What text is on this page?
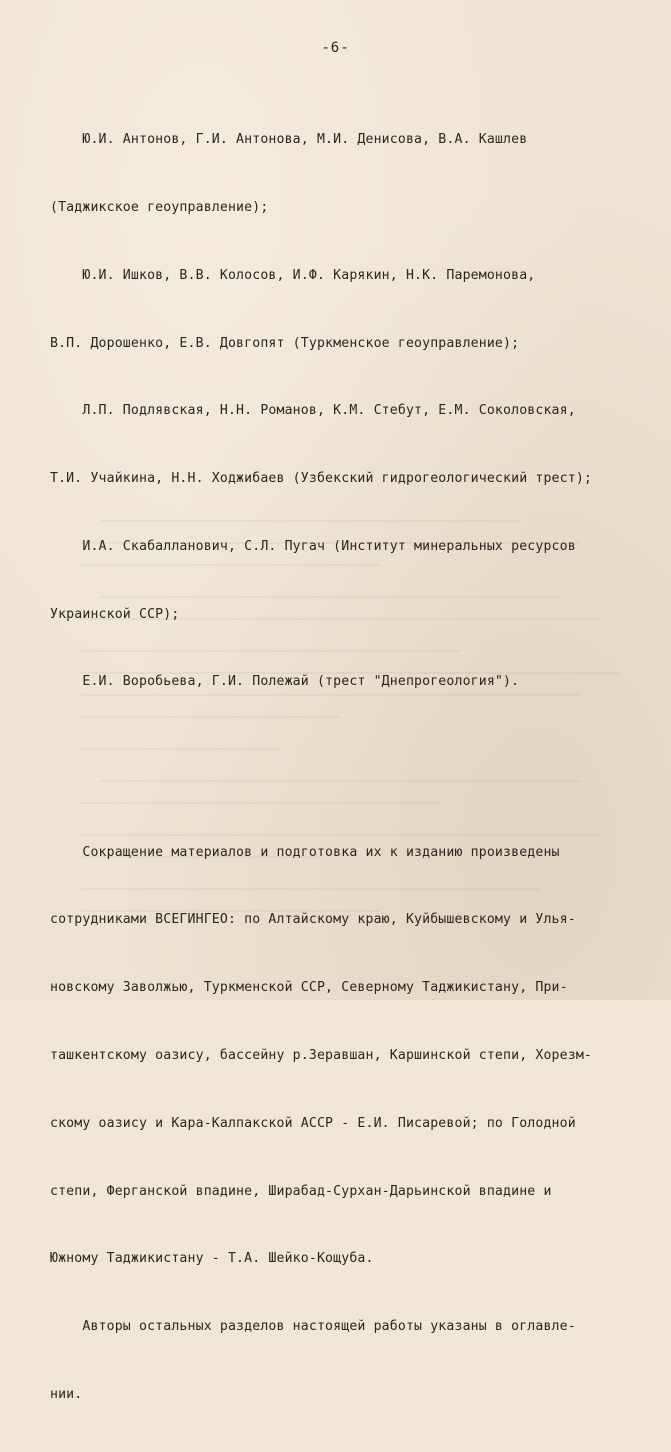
-6-

Ю.И. Антонов, Г.И. Антонова, М.И. Денисова, В.А. Кашлев

(Таджикское геоуправление);

Ю.И. Ишков, В.В. Колосов, И.Ф. Карякин, Н.К. Паремонова,

В.П. Дорошенко, Е.В. Довгопят (Туркменское геоуправление);

Л.П. Подлявская, Н.Н. Романов, К.М. Стебут, Е.М. Соколовская,

Т.И. Учайкина, Н.Н. Ходжибаев (Узбекский гидрогеологический трест);

И.А. Скабалланович, С.Л. Пугач (Институт минеральных ресурсов

Украинской ССР);

Е.И. Воробьева, Г.И. Полежай (трест "Днепрогеология").

Сокращение материалов и подготовка их к изданию произведены

сотрудниками ВСЕГИНГЕО: по Алтайскому краю, Куйбышевскому и Улья-

новскому Заволжью, Туркменской ССР, Северному Таджикистану, При-

ташкентскому оазису, бассейну р.Зеравшан, Каршинской степи, Хорезм-

скому оазису и Кара-Калпакской АССР - Е.И. Писаревой; по Голодной

степи, Ферганской впадине, Ширабад-Сурхан-Дарьинской впадине и

Южному Таджикистану - Т.А. Шейко-Кощуба.

Авторы остальных разделов настоящей работы указаны в оглавле-

нии.
